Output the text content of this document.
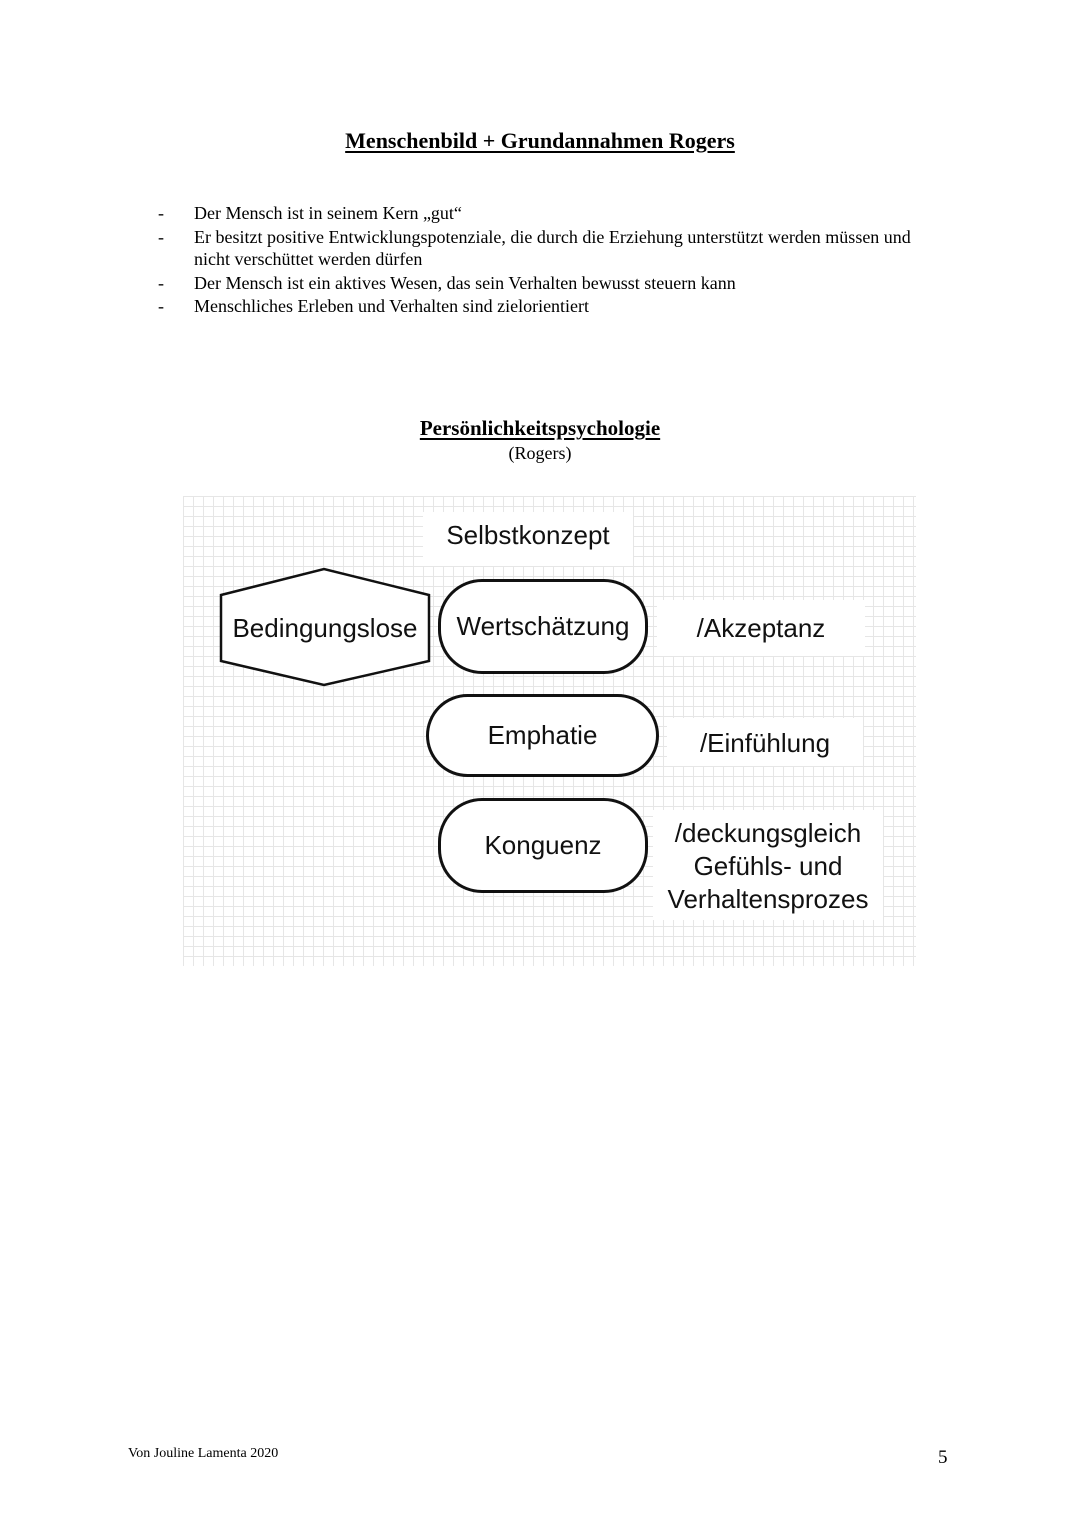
Menschenbild + Grundannahmen Rogers
- Der Mensch ist in seinem Kern „gut“
- Er besitzt positive Entwicklungspotenziale, die durch die Erziehung unterstützt werden müssen und nicht verschüttet werden dürfen
- Der Mensch ist ein aktives Wesen, das sein Verhalten bewusst steuern kann
- Menschliches Erleben und Verhalten sind zielorientiert
Persönlichkeitspsychologie
(Rogers)
Selbstkonzept
Bedingungslose	Wertschätzung
Emphatie
Konguenz
/Akzeptanz
/Einfühlung
/deckungsgleich
Gefühls- und
Verhaltensprozes
Von Jouline Lamenta 2020	5
